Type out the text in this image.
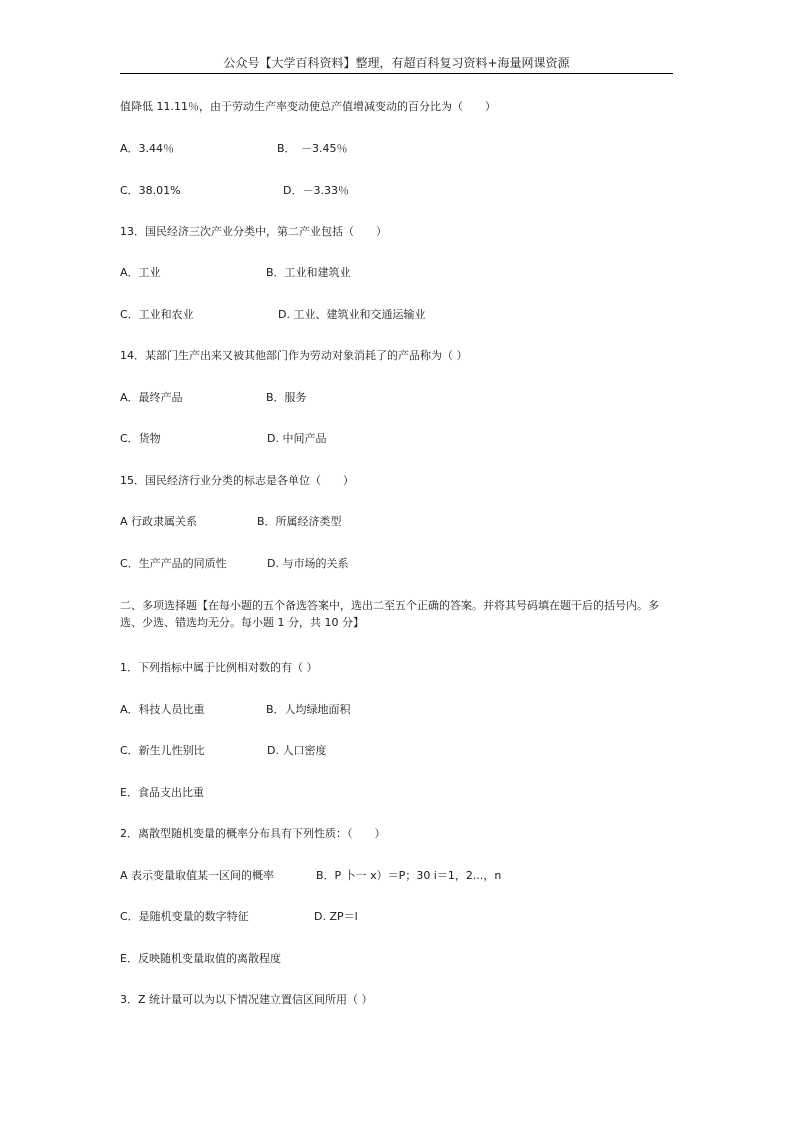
公众号【大学百科资料】整理，有超百科复习资料+海量网课资源
值降低 11.11％，由于劳动生产率变动使总产值增减变动的百分比为（　　）
A．3.44％	B．　－3.45％
C．38.01%	D．－3.33％
13．国民经济三次产业分类中，第二产业包括（　　）
A．工业	B．工业和建筑业
C．工业和农业	D. 工业、建筑业和交通运输业
14．某部门生产出来又被其他部门作为劳动对象消耗了的产品称为（ ）
A．最终产品	B．服务
C．货物	D. 中间产品
15．国民经济行业分类的标志是各单位（　　）
A 行政隶属关系	B．所属经济类型
C．生产产品的同质性	D. 与市场的关系
二、多项选择题【在每小题的五个备选答案中，选出二至五个正确的答案。并将其号码填在题干后的括号内。多选、少选、错选均无分。每小题 1 分，共 10 分】
1．下列指标中属于比例相对数的有（ ）
A．科技人员比重	B．人均绿地面积
C．新生儿性别比	D. 人口密度
E．食品支出比重
2．离散型随机变量的概率分布具有下列性质：（　　）
A 表示变量取值某一区间的概率	B．P 卜一 x）＝P；30 i＝1，2...，n
C．是随机变量的数字特征	D. ZP＝l
E．反映随机变量取值的离散程度
3．Z 统计量可以为以下情况建立置信区间所用（ ）
